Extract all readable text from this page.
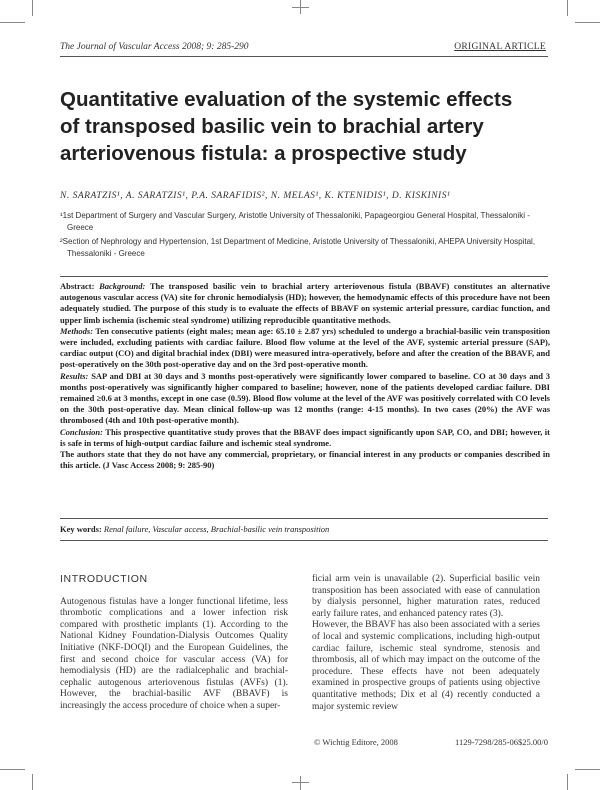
The Journal of Vascular Access 2008; 9: 285-290	ORIGINAL ARTICLE
Quantitative evaluation of the systemic effects of transposed basilic vein to brachial artery arteriovenous fistula: a prospective study
N. SARATZIS¹, A. SARATZIS¹, P.A. SARAFIDIS², N. MELAS¹, K. KTENIDIS¹, D. KISKINIS¹

¹1st Department of Surgery and Vascular Surgery, Aristotle University of Thessaloniki, Papageorgiou General Hospital, Thessaloniki - Greece

²Section of Nephrology and Hypertension, 1st Department of Medicine, Aristotle University of Thessaloniki, AHEPA University Hospital, Thessaloniki - Greece

Abstract: Background: The transposed basilic vein to brachial artery arteriovenous fistula (BBAVF) constitutes an alternative autogenous vascular access (VA) site for chronic hemodialysis (HD); however, the hemodynamic effects of this procedure have not been adequately studied. The purpose of this study is to evaluate the effects of BBAVF on systemic arterial pressure, cardiac function, and upper limb ischemia (ischemic steal syndrome) utilizing reproducible quantitative methods.

Methods: Ten consecutive patients (eight males; mean age: 65.10 ± 2.87 yrs) scheduled to undergo a brachial-basilic vein transposition were included, excluding patients with cardiac failure. Blood flow volume at the level of the AVF, systemic arterial pressure (SAP), cardiac output (CO) and digital brachial index (DBI) were measured intra-operatively, before and after the creation of the BBAVF, and post-operatively on the 30th post-operative day and on the 3rd post-operative month.

Results: SAP and DBI at 30 days and 3 months post-operatively were significantly lower compared to baseline. CO at 30 days and 3 months post-operatively was significantly higher compared to baseline; however, none of the patients developed cardiac failure. DBI remained ≥0.6 at 3 months, except in one case (0.59). Blood flow volume at the level of the AVF was positively correlated with CO levels on the 30th post-operative day. Mean clinical follow-up was 12 months (range: 4-15 months). In two cases (20%) the AVF was thrombosed (4th and 10th post-operative month).

Conclusion: This prospective quantitative study proves that the BBAVF does impact significantly upon SAP, CO, and DBI; however, it is safe in terms of high-output cardiac failure and ischemic steal syndrome.

The authors state that they do not have any commercial, proprietary, or financial interest in any products or companies described in this article. (J Vasc Access 2008; 9: 285-90)

Key words: Renal failure, Vascular access, Brachial-basilic vein transposition
INTRODUCTION

Autogenous fistulas have a longer functional lifetime, less thrombotic complications and a lower infection risk compared with prosthetic implants (1). According to the National Kidney Foundation-Dialysis Outcomes Quality Initiative (NKF-DOQI) and the European Guidelines, the first and second choice for vascular access (VA) for hemodialysis (HD) are the radialcephalic and brachial-cephalic autogenous arteriovenous fistulas (AVFs) (1). However, the brachial-basilic AVF (BBAVF) is increasingly the access procedure of choice when a super-

ficial arm vein is unavailable (2). Superficial basilic vein transposition has been associated with ease of cannulation by dialysis personnel, higher maturation rates, reduced early failure rates, and enhanced patency rates (3).

However, the BBAVF has also been associated with a series of local and systemic complications, including high-output cardiac failure, ischemic steal syndrome, stenosis and thrombosis, all of which may impact on the outcome of the procedure. These effects have not been adequately examined in prospective groups of patients using objective quantitative methods; Dix et al (4) recently conducted a major systemic review

© Wichtig Editore, 2008	1129-7298/285-06$25.00/0
